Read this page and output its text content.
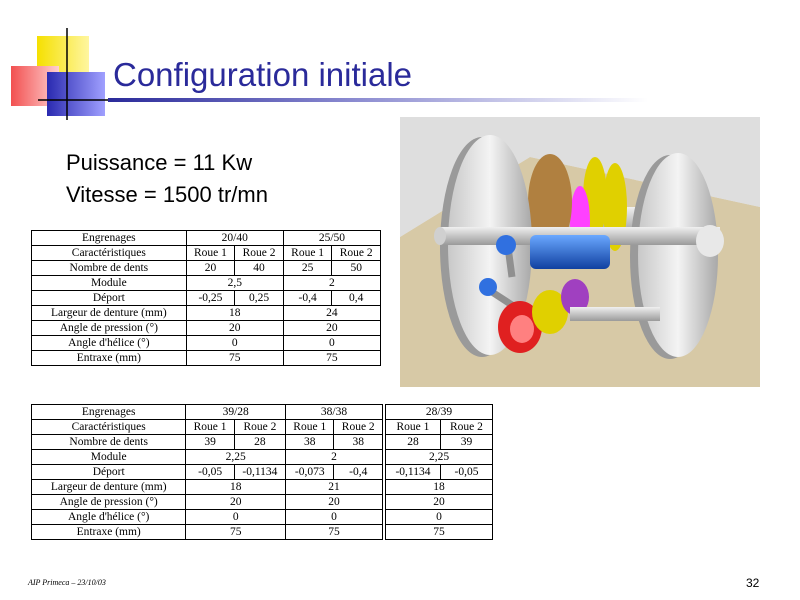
Configuration initiale
Puissance = 11 Kw
Vitesse = 1500 tr/mn
Engrenages	20/40		25/50	
Caractéristiques	Roue 1	Roue 2	Roue 1	Roue 2
Nombre de dents	20	40	25	50
Module	2,5		2	
Déport	-0,25	0,25	-0,4	0,4
Largeur de denture (mm)	18		24	
Angle de pression (°)	20		20	
Angle d'hélice (°)	0		0	
Entraxe (mm)	75		75	
Engrenages	39/28		38/38	
Caractéristiques	Roue 1	Roue 2	Roue 1	Roue 2
Nombre de dents	39	28	38	38
Module	2,25		2	
Déport	-0,05	-0,1134	-0,073	-0,4
Largeur de denture (mm)	18		21	
Angle de pression (°)	20		20	
Angle d'hélice (°)	0		0	
Entraxe (mm)	75		75	
28/39	
Roue 1	Roue 2
28	39
2,25	
-0,1134	-0,05
18	
20	
0	
75	
AIP Primeca – 23/10/03	32
